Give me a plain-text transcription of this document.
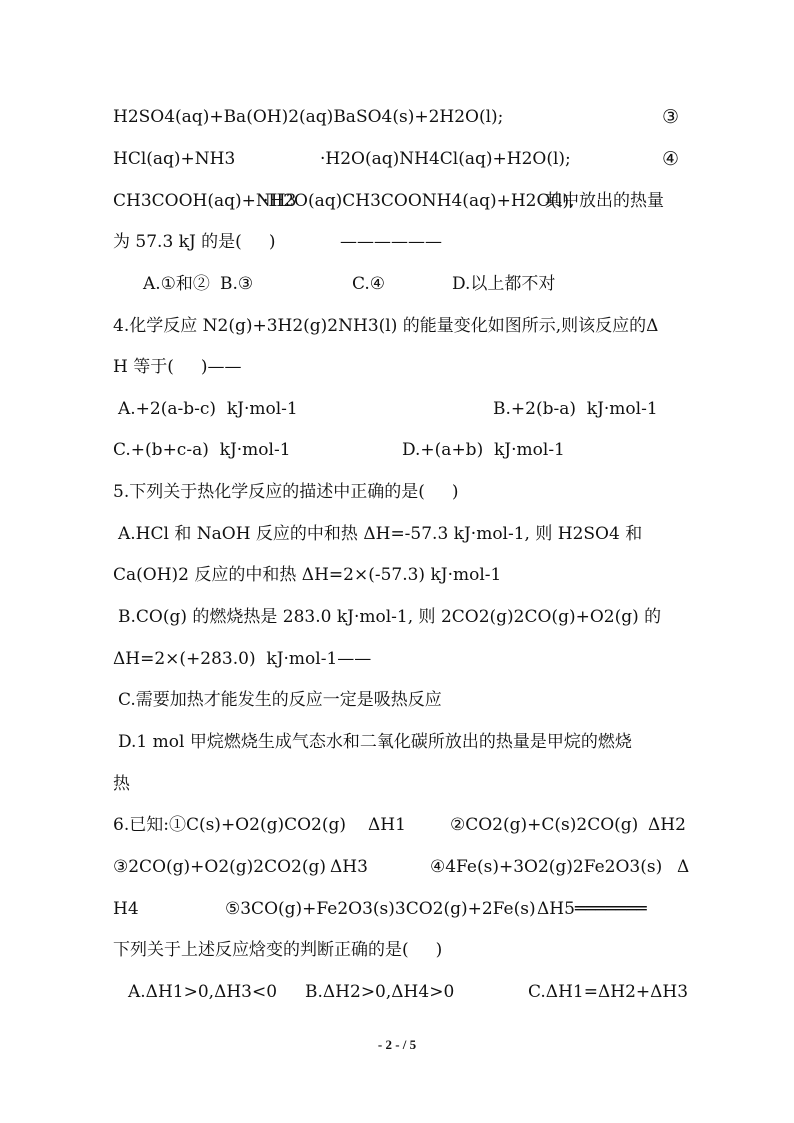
H2SO4(aq)+Ba(OH)2(aq)BaSO4(s)+2H2O(l);

	③

HCl(aq)+NH3

	·H2O(aq)NH4Cl(aq)+H2O(l);

	④

CH3COOH(aq)+NH3

·H2O(aq)CH3COONH4(aq)+H2O(l),

其中放出的热量

为 57.3 kJ 的是(     )

	——————

A.①和②

B.③

	C.④

	D.以上都不对

4.化学反应 N2(g)+3H2(g)2NH3(l) 的能量变化如图所示,则该反应的Δ

H 等于(     )——

A.+2(a-b-c)  kJ·mol-1

	B.+2(b-a)  kJ·mol-1

C.+(b+c-a)  kJ·mol-1

	D.+(a+b)  kJ·mol-1

5.下列关于热化学反应的描述中正确的是(     )

A.HCl 和 NaOH 反应的中和热 ΔH=-57.3 kJ·mol-1, 则 H2SO4 和

Ca(OH)2 反应的中和热 ΔH=2×(-57.3) kJ·mol-1

B.CO(g) 的燃烧热是 283.0 kJ·mol-1, 则 2CO2(g)2CO(g)+O2(g) 的

ΔH=2×(+283.0)  kJ·mol-1——

C.需要加热才能发生的反应一定是吸热反应

D.1 mol 甲烷燃烧生成气态水和二氧化碳所放出的热量是甲烷的燃烧

热

6.已知:①C(s)+O2(g)CO2(g)

ΔH1

	②CO2(g)+C(s)2CO(g)

ΔH2

③2CO(g)+O2(g)2CO2(g)

ΔH3

	④4Fe(s)+3O2(g)2Fe2O3(s)

Δ

H4

	⑤3CO(g)+Fe2O3(s)3CO2(g)+2Fe(s)

ΔH5═══════

下列关于上述反应焓变的判断正确的是(     )

A.ΔH1>0,ΔH3<0

B.ΔH2>0,ΔH4>0

	C.ΔH1=ΔH2+ΔH3

- 2 - / 5
